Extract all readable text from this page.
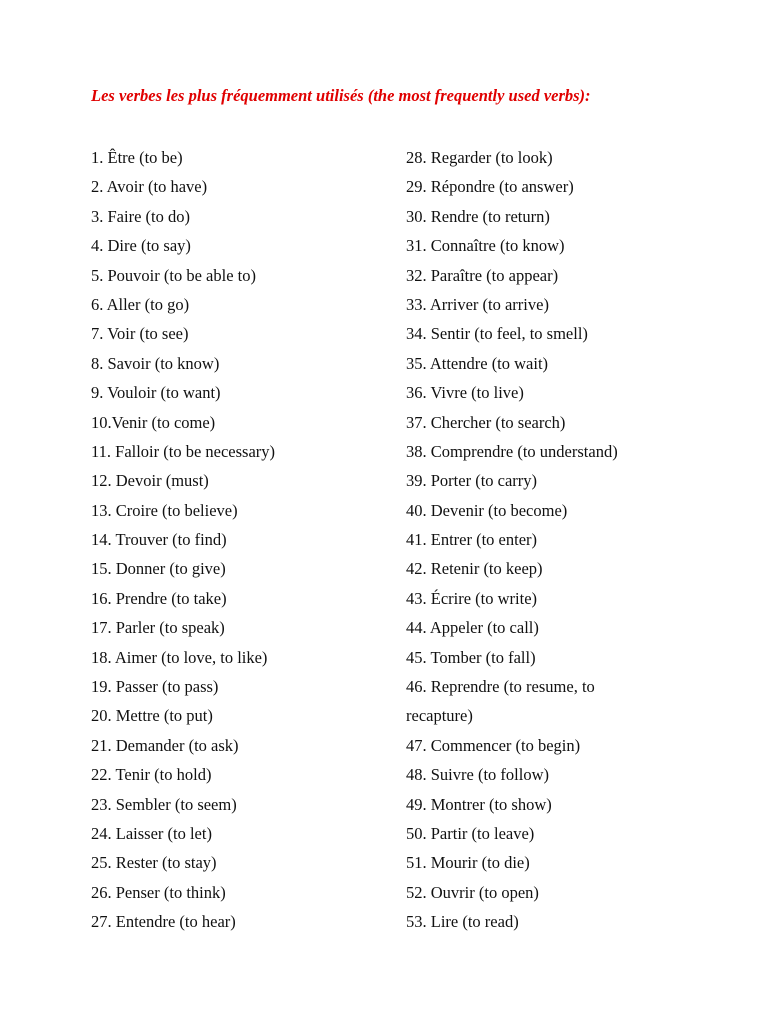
Les verbes les plus fréquemment utilisés (the most frequently used verbs):
1. Être (to be)
2. Avoir (to have)
3. Faire (to do)
4. Dire (to say)
5. Pouvoir (to be able to)
6. Aller (to go)
7. Voir (to see)
8. Savoir (to know)
9. Vouloir (to want)
10.Venir (to come)
11. Falloir (to be necessary)
12. Devoir (must)
13. Croire (to believe)
14. Trouver (to find)
15. Donner (to give)
16. Prendre (to take)
17. Parler (to speak)
18. Aimer (to love, to like)
19. Passer (to pass)
20. Mettre (to put)
21. Demander (to ask)
22. Tenir (to hold)
23. Sembler (to seem)
24. Laisser (to let)
25. Rester (to stay)
26. Penser (to think)
27. Entendre (to hear)
28. Regarder (to look)
29. Répondre (to answer)
30. Rendre (to return)
31. Connaître (to know)
32. Paraître (to appear)
33. Arriver (to arrive)
34. Sentir (to feel, to smell)
35. Attendre (to wait)
36. Vivre (to live)
37. Chercher (to search)
38. Comprendre (to understand)
39. Porter (to carry)
40. Devenir (to become)
41. Entrer (to enter)
42. Retenir (to keep)
43. Écrire (to write)
44. Appeler (to call)
45. Tomber (to fall)
46. Reprendre (to resume, to
recapture)
47. Commencer (to begin)
48. Suivre (to follow)
49. Montrer (to show)
50. Partir (to leave)
51. Mourir (to die)
52. Ouvrir (to open)
53. Lire (to read)
